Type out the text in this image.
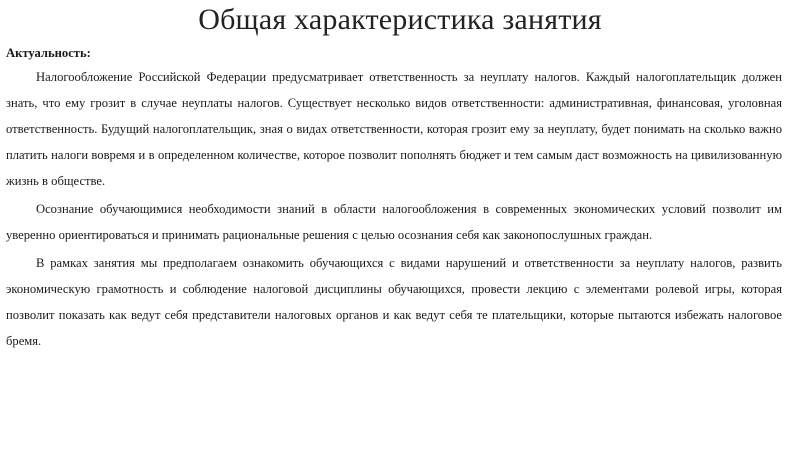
Общая характеристика занятия

Актуальность:

Налогообложение Российской Федерации предусматривает ответственность за неуплату налогов. Каждый налогоплательщик должен знать, что ему грозит в случае неуплаты налогов. Существует несколько видов ответственности: административная, финансовая, уголовная ответственность. Будущий налогоплательщик, зная о видах ответственности, которая грозит ему за неуплату, будет понимать на сколько важно платить налоги вовремя и в определенном количестве, которое позволит пополнять бюджет и тем самым даст возможность на цивилизованную жизнь в обществе.

Осознание обучающимися необходимости знаний в области налогообложения в современных экономических условий позволит им уверенно ориентироваться и принимать рациональные решения с целью осознания себя как законопослушных граждан.

В рамках занятия мы предполагаем ознакомить обучающихся с видами нарушений и ответственности за неуплату налогов, развить экономическую грамотность и соблюдение налоговой дисциплины обучающихся, провести лекцию с элементами ролевой игры, которая позволит показать как ведут себя представители налоговых органов и как ведут себя те плательщики, которые пытаются избежать налоговое бремя.
